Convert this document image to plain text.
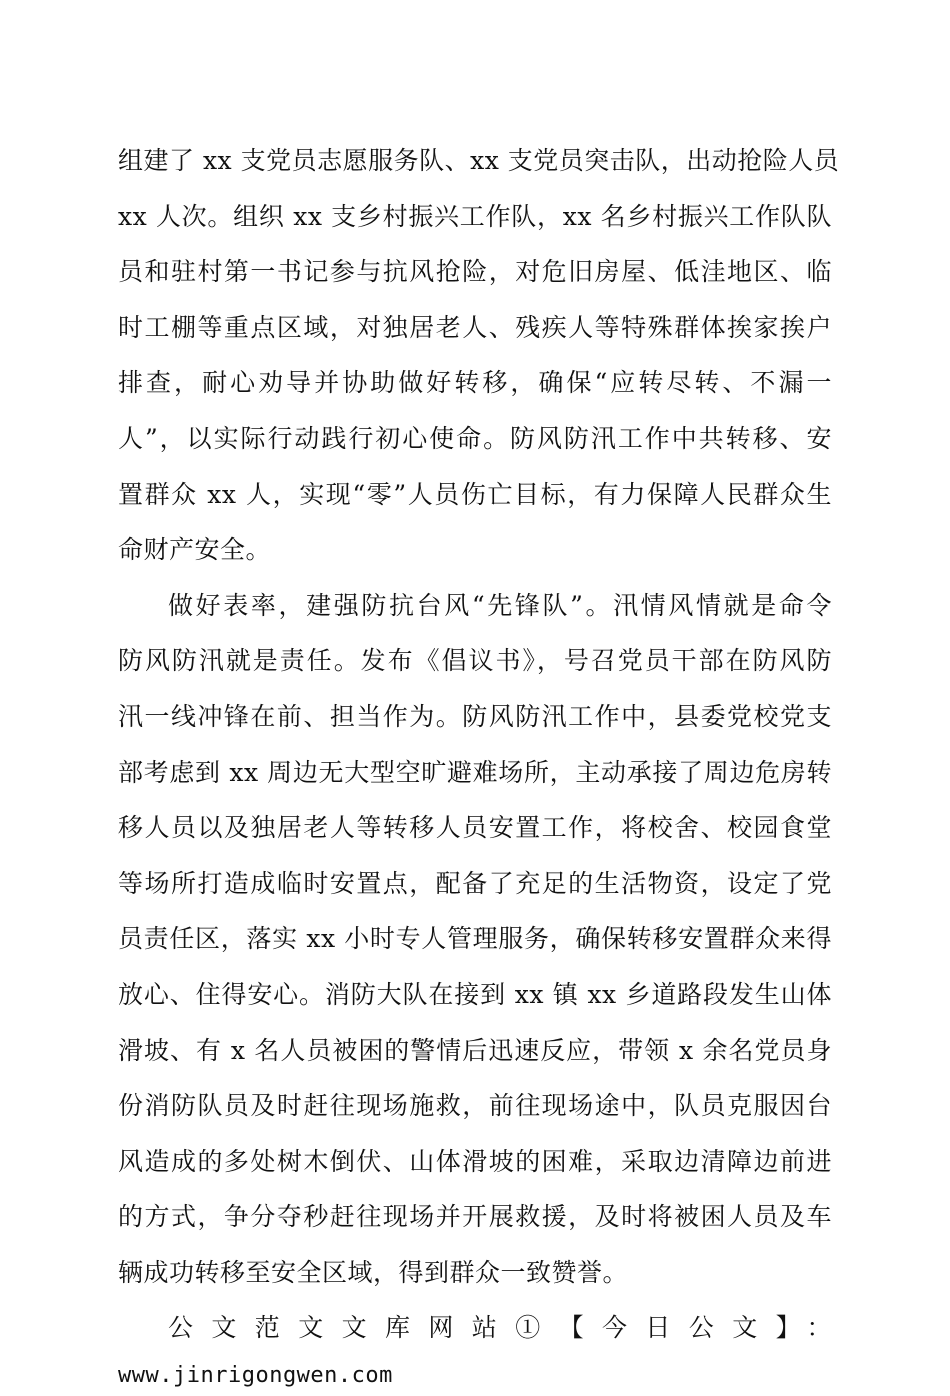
组建了 xx 支党员志愿服务队、xx 支党员突击队，出动抢险人员
xx 人次。组织 xx 支乡村振兴工作队，xx 名乡村振兴工作队队
员和驻村第一书记参与抗风抢险，对危旧房屋、低洼地区、临
时工棚等重点区域，对独居老人、残疾人等特殊群体挨家挨户
排查，耐心劝导并协助做好转移，确保“应转尽转、不漏一
人”，以实际行动践行初心使命。防风防汛工作中共转移、安
置群众 xx 人，实现“零”人员伤亡目标，有力保障人民群众生
命财产安全。
做好表率，建强防抗台风“先锋队”。汛情风情就是命令
防风防汛就是责任。发布《倡议书》，号召党员干部在防风防
汛一线冲锋在前、担当作为。防风防汛工作中，县委党校党支
部考虑到 xx 周边无大型空旷避难场所，主动承接了周边危房转
移人员以及独居老人等转移人员安置工作，将校舍、校园食堂
等场所打造成临时安置点，配备了充足的生活物资，设定了党
员责任区，落实 xx 小时专人管理服务，确保转移安置群众来得
放心、住得安心。消防大队在接到 xx 镇 xx 乡道路段发生山体
滑坡、有 x 名人员被困的警情后迅速反应，带领 x 余名党员身
份消防队员及时赶往现场施救，前往现场途中，队员克服因台
风造成的多处树木倒伏、山体滑坡的困难，采取边清障边前进
的方式，争分夺秒赶往现场并开展救援，及时将被困人员及车
辆成功转移至安全区域，得到群众一致赞誉。
公文范文文库网站①【今日公文】：
www.jinrigongwen.com
